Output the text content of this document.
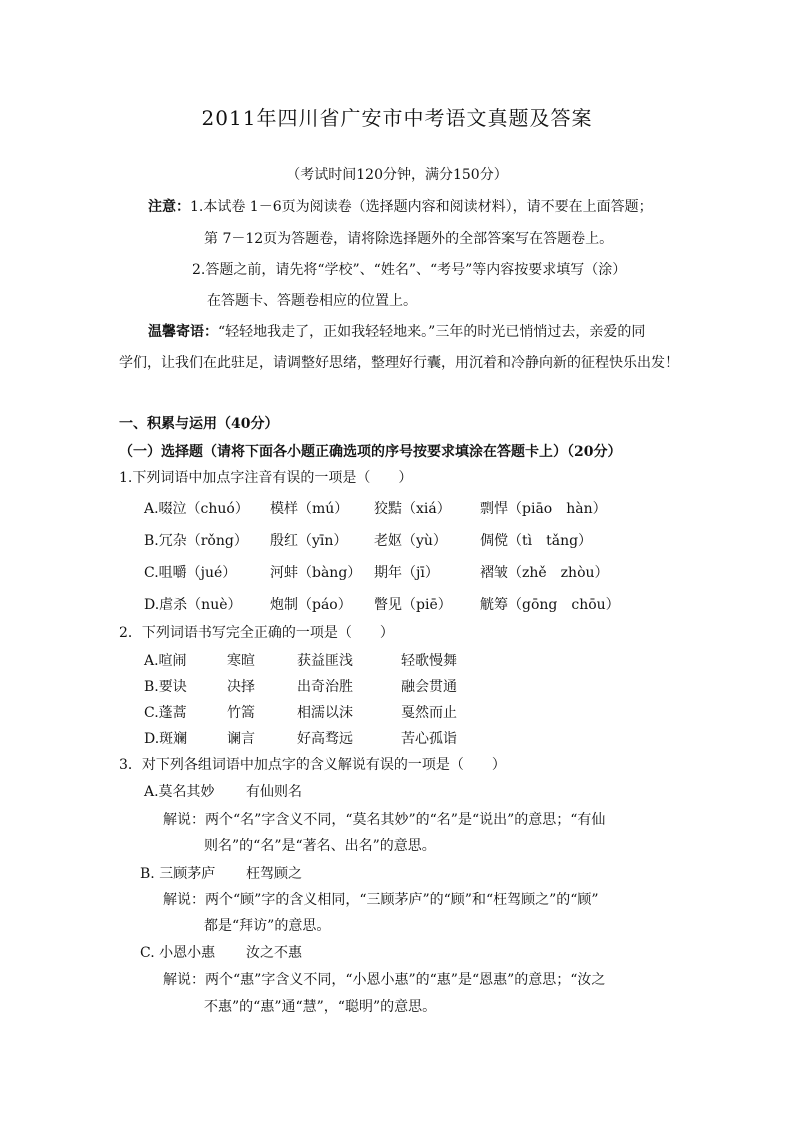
2011年四川省广安市中考语文真题及答案
（考试时间120分钟，满分150分）
注意：1.本试卷 1－6页为阅读卷（选择题内容和阅读材料），请不要在上面答题；
第 7－12页为答题卷，请将除选择题外的全部答案写在答题卷上。
2.答题之前，请先将“学校”、“姓名”、“考号”等内容按要求填写（涂）
在答题卡、答题卷相应的位置上。
温馨寄语：“轻轻地我走了，正如我轻轻地来。”三年的时光已悄悄过去，亲爱的同
学们，让我们在此驻足，请调整好思绪，整理好行囊，用沉着和冷静向新的征程快乐出发！
一、积累与运用（40分）
（一）选择题（请将下面各小题正确选项的序号按要求填涂在答题卡上）（20分）
1.下列词语中加点字注音有误的一项是（　　）
A.啜泣（chuó） 模样（mú） 狡黠（xiá） 剽悍（piāo　hàn）
B.冗杂（rǒng） 殷红（yīn） 老妪（yù） 倜傥（tì　tǎng）
C.咀嚼（jué） 河蚌（bàng） 期年（jī）	褶皱（zhě　zhòu）
D.虐杀（nuè） 炮制（páo） 瞥见（piē） 觥筹（gōng　chōu）
2．下列词语书写完全正确的一项是（　　）
A.喧闹	寒暄	获益匪浅	轻歌慢舞
B.要诀	决择	出奇治胜	融会贯通
C.蓬蒿	竹篙	相濡以沫	戛然而止
D.斑斓	谰言	好高骛远	苦心孤诣
3．对下列各组词语中加点字的含义解说有误的一项是（　　）
A.莫名其妙 有仙则名
解说：两个“名”字含义不同，“莫名其妙”的“名”是“说出”的意思；“有仙
则名”的“名”是“著名、出名”的意思。
B. 三顾茅庐 枉驾顾之
解说：两个“顾”字的含义相同，“三顾茅庐”的“顾”和“枉驾顾之”的“顾”
都是“拜访”的意思。
C. 小恩小惠 汝之不惠
解说：两个“惠”字含义不同，“小恩小惠”的“惠”是“恩惠”的意思；“汝之
不惠”的“惠”通“慧”，“聪明”的意思。
